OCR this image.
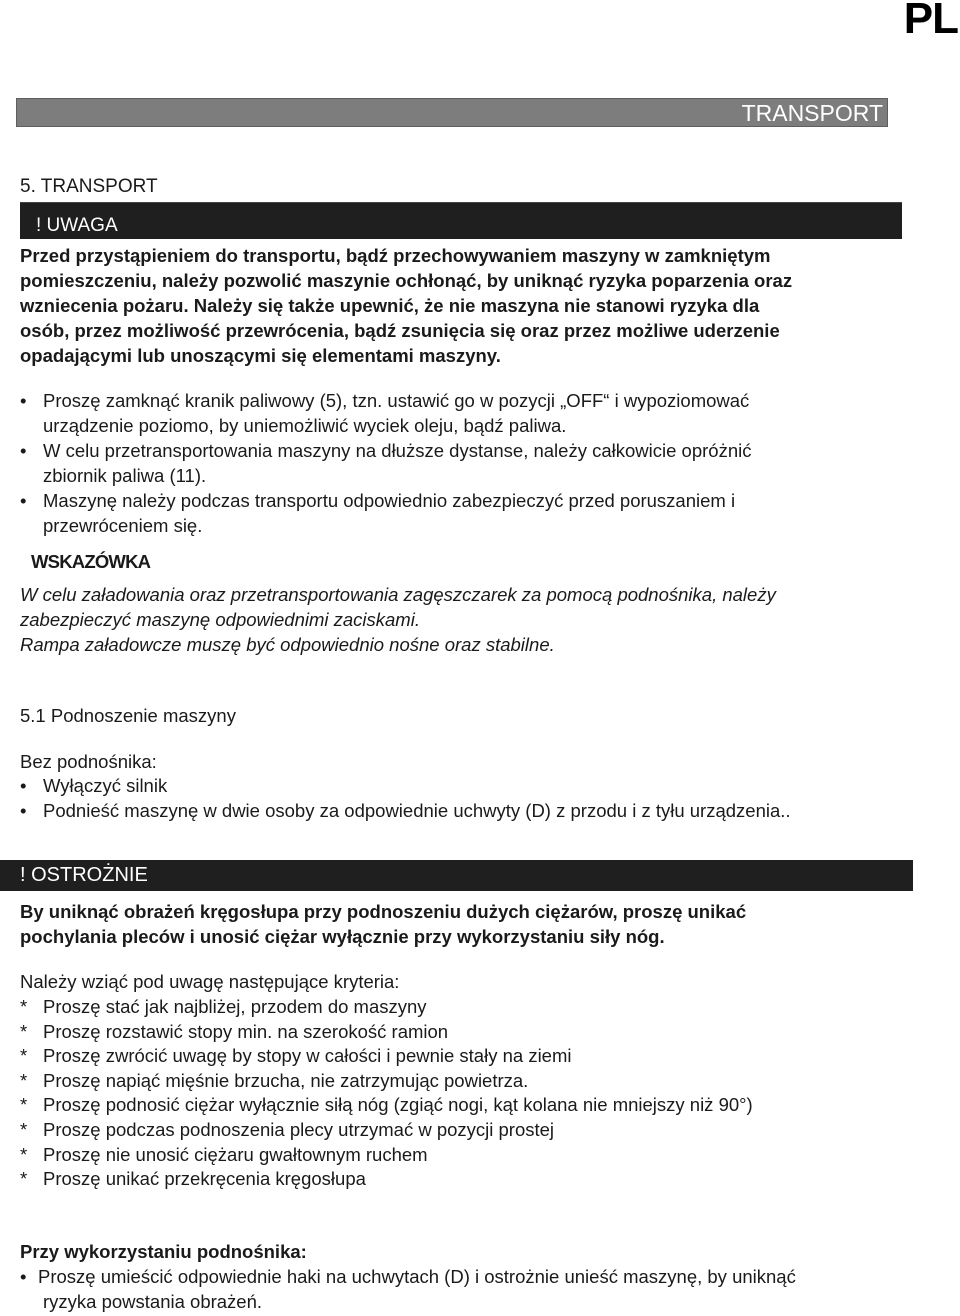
PL
TRANSPORT
5. TRANSPORT
! UWAGA
Przed przystąpieniem do transportu, bądź przechowywaniem maszyny w zamkniętym
pomieszczeniu, należy pozwolić maszynie ochłonąć, by uniknąć ryzyka poparzenia oraz
wzniecenia pożaru. Należy się także upewnić, że nie maszyna nie stanowi ryzyka dla
osób, przez możliwość przewrócenia, bądź zsunięcia się oraz przez możliwe uderzenie
opadającymi lub unoszącymi się elementami maszyny.
• Proszę zamknąć kranik paliwowy (5), tzn. ustawić go w pozycji „OFF“ i wypoziomować
urządzenie poziomo, by uniemożliwić wyciek oleju, bądź paliwa.
• W celu przetransportowania maszyny na dłuższe dystanse, należy całkowicie opróżnić
zbiornik paliwa (11).
• Maszynę należy podczas transportu odpowiednio zabezpieczyć przed poruszaniem i
przewróceniem się.
WSKAZÓWKA
W celu załadowania oraz przetransportowania zagęszczarek za pomocą podnośnika, należy
zabezpieczyć maszynę odpowiednimi zaciskami.
Rampa załadowcze muszę być odpowiednio nośne oraz stabilne.
5.1 Podnoszenie maszyny
Bez podnośnika:
• Wyłączyć silnik
• Podnieść maszynę w dwie osoby za odpowiednie uchwyty (D) z przodu i z tyłu urządzenia..
! OSTROŻNIE
By uniknąć obrażeń kręgosłupa przy podnoszeniu dużych ciężarów, proszę unikać
pochylania pleców i unosić ciężar wyłącznie przy wykorzystaniu siły nóg.
Należy wziąć pod uwagę następujące kryteria:
* Proszę stać jak najbliżej, przodem do maszyny
* Proszę rozstawić stopy min. na szerokość ramion
* Proszę zwrócić uwagę by stopy w całości i pewnie stały na ziemi
* Proszę napiąć mięśnie brzucha, nie zatrzymując powietrza.
* Proszę podnosić ciężar wyłącznie siłą nóg (zgiąć nogi, kąt kolana nie mniejszy niż 90°)
* Proszę podczas podnoszenia plecy utrzymać w pozycji prostej
* Proszę nie unosić ciężaru gwałtownym ruchem
* Proszę unikać przekręcenia kręgosłupa
Przy wykorzystaniu podnośnika:
• Proszę umieścić odpowiednie haki na uchwytach (D) i ostrożnie unieść maszynę, by uniknąć
ryzyka powstania obrażeń.
